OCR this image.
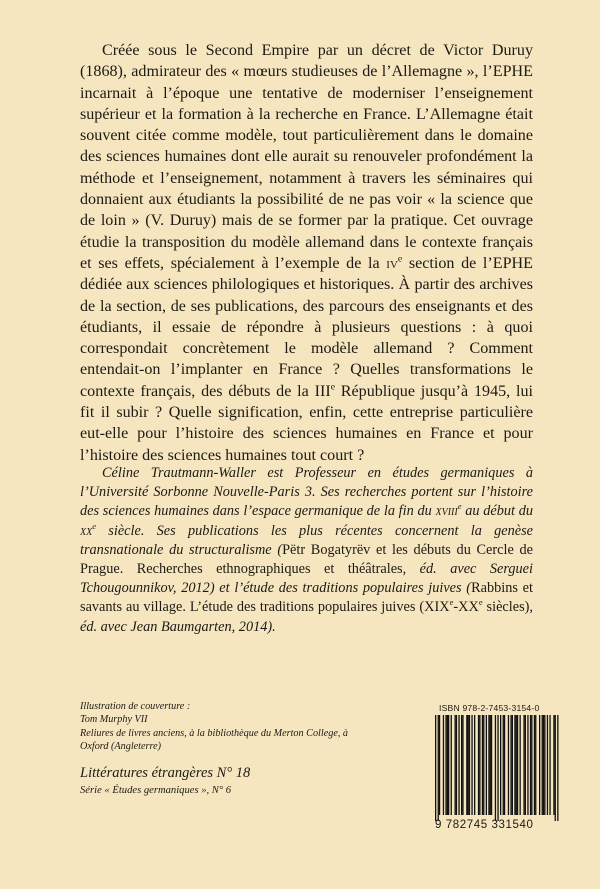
Créée sous le Second Empire par un décret de Victor Duruy (1868), admirateur des « mœurs studieuses de l’Allemagne », l’EPHE incarnait à l’époque une tentative de moderniser l’enseignement supérieur et la formation à la recherche en France. L’Allemagne était souvent citée comme modèle, tout particulièrement dans le domaine des sciences humaines dont elle aurait su renouveler profondément la méthode et l’enseignement, notamment à travers les séminaires qui donnaient aux étudiants la possibilité de ne pas voir « la science que de loin » (V. Duruy) mais de se former par la pratique. Cet ouvrage étudie la transposition du modèle allemand dans le contexte français et ses effets, spécialement à l’exemple de la $iv^e$ section de l’EPHE dédiée aux sciences philologiques et historiques. À partir des archives de la section, de ses publications, des parcours des enseignants et des étudiants, il essaie de répondre à plusieurs questions : à quoi correspondait concrètement le modèle allemand ? Comment entendait-on l’implanter en France ? Quelles transformations le contexte français, des débuts de la IIIe République jusqu’à 1945, lui fit il subir ? Quelle signification, enfin, cette entreprise particulière eut-elle pour l’histoire des sciences humaines en France et pour l’histoire des sciences humaines tout court ?

Céline Trautmann-Waller est Professeur en études germaniques à l’Université Sorbonne Nouvelle-Paris 3. Ses recherches portent sur l’histoire des sciences humaines dans l’espace germanique de la fin du xviii$^e$ au début du $xx^e$ siècle. Ses publications les plus récentes concernent la genèse transnationale du structuralisme (Pëtr Bogatyrëv et les débuts du Cercle de Prague. Recherches ethnographiques et théâtrales, éd. avec Serguei Tchougounnikov, 2012) et l’étude des traditions populaires juives (Rabbins et savants au village. L’étude des traditions populaires juives (XIXe-XXe siècles), éd. avec Jean Baumgarten, 2014).

Illustration de couverture :
Tom Murphy VII
Reliures de livres anciens, à la bibliothèque du Merton College, à
Oxford (Angleterre)
Littératures étrangères N° 18
Série « Études germaniques », N° 6
ISBN 978-2-7453-3154-0
9 782745 331540
